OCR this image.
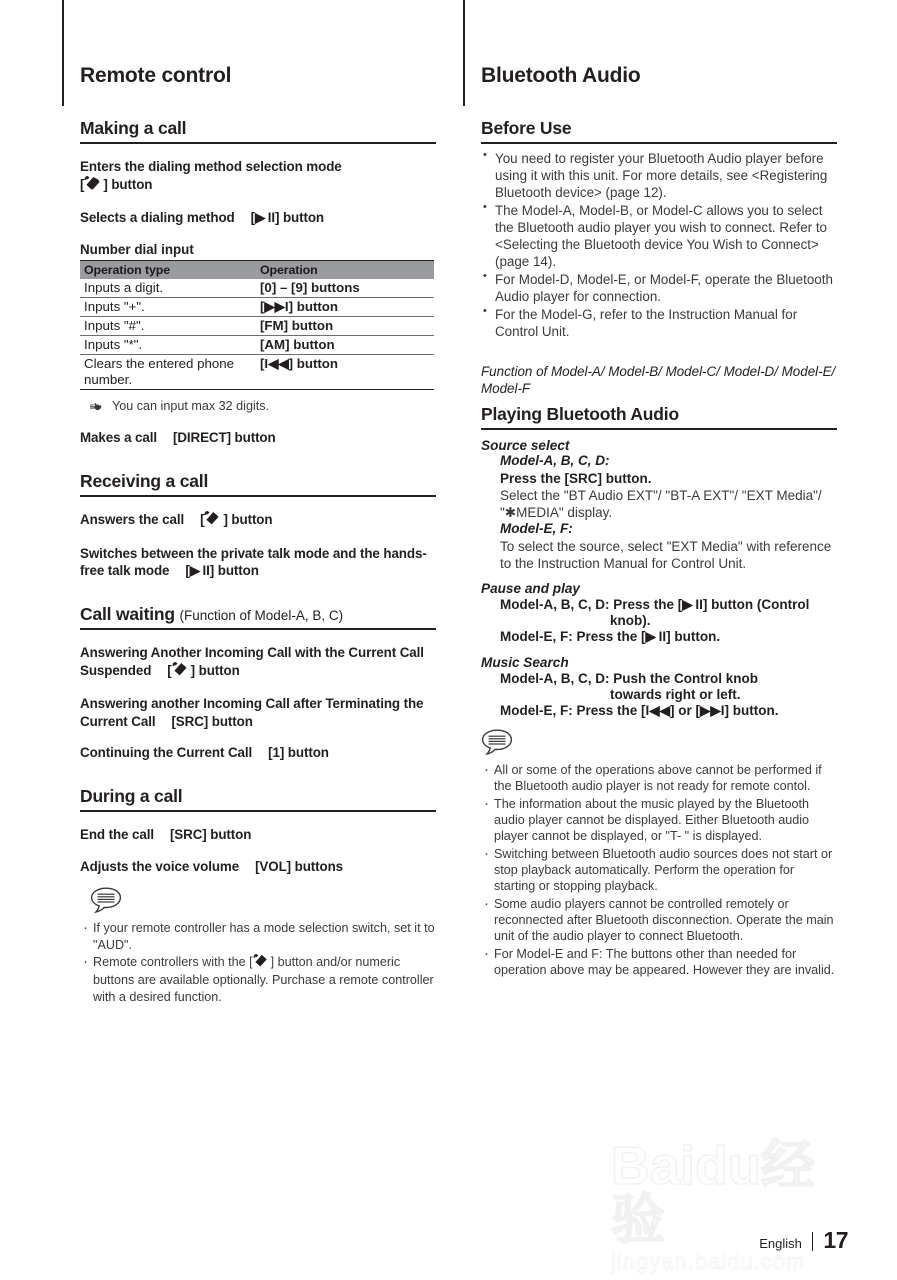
Remote control
Making a call
Enters the dialing method selection mode
[ ] button
Selects a dialing method [▶ II] button
Number dial input
Operation type	Operation
Inputs a digit.	[0] – [9] buttons
Inputs "+".	[▶▶I] button
Inputs "#".	[FM] button
Inputs "*".	[AM] button
Clears the entered phone number.	[I◀◀] button
You can input max 32 digits.
Makes a call [DIRECT] button
Receiving a call
Answers the call [ ] button
Switches between the private talk mode and the hands-free talk mode [▶ II] button
Call waiting (Function of Model-A, B, C)
Answering Another Incoming Call with the Current Call Suspended [ ] button
Answering another Incoming Call after Terminating the Current Call [SRC] button
Continuing the Current Call [1] button
During a call
End the call [SRC] button
Adjusts the voice volume [VOL] buttons
· If your remote controller has a mode selection switch, set it to "AUD".
· Remote controllers with the [ ] button and/or numeric buttons are available optionally. Purchase a remote controller with a desired function.
Bluetooth Audio
Before Use
• You need to register your Bluetooth Audio player before using it with this unit. For more details, see <Registering Bluetooth device> (page 12).
• The Model-A, Model-B, or Model-C allows you to select the Bluetooth audio player you wish to connect. Refer to <Selecting the Bluetooth device You Wish to Connect> (page 14).
• For Model-D, Model-E, or Model-F, operate the Bluetooth Audio player for connection.
• For the Model-G, refer to the Instruction Manual for Control Unit.
Function of Model-A/ Model-B/ Model-C/ Model-D/ Model-E/ Model-F
Playing Bluetooth Audio
Source select
Model-A, B, C, D:
Press the [SRC] button.
Select the "BT Audio EXT"/ "BT-A EXT"/ "EXT Media"/ "✱MEDIA" display.
Model-E, F:
To select the source, select "EXT Media" with reference to the Instruction Manual for Control Unit.
Pause and play
Model-A, B, C, D: Press the [▶ II] button (Control
knob).
Model-E, F: Press the [▶ II] button.
Music Search
Model-A, B, C, D: Push the Control knob
towards right or left.
Model-E, F: Press the [I◀◀] or [▶▶I] button.
· All or some of the operations above cannot be performed if the Bluetooth audio player is not ready for remote contol.
· The information about the music played by the Bluetooth audio player cannot be displayed. Either Bluetooth audio player cannot be displayed, or "T- " is displayed.
· Switching between Bluetooth audio sources does not start or stop playback automatically. Perform the operation for starting or stopping playback.
· Some audio players cannot be controlled remotely or reconnected after Bluetooth disconnection. Operate the main unit of the audio player to connect Bluetooth.
· For Model-E and F: The buttons other than needed for operation above may be appeared. However they are invalid.
Baidu经验
jingyan.baidu.com
English 17
